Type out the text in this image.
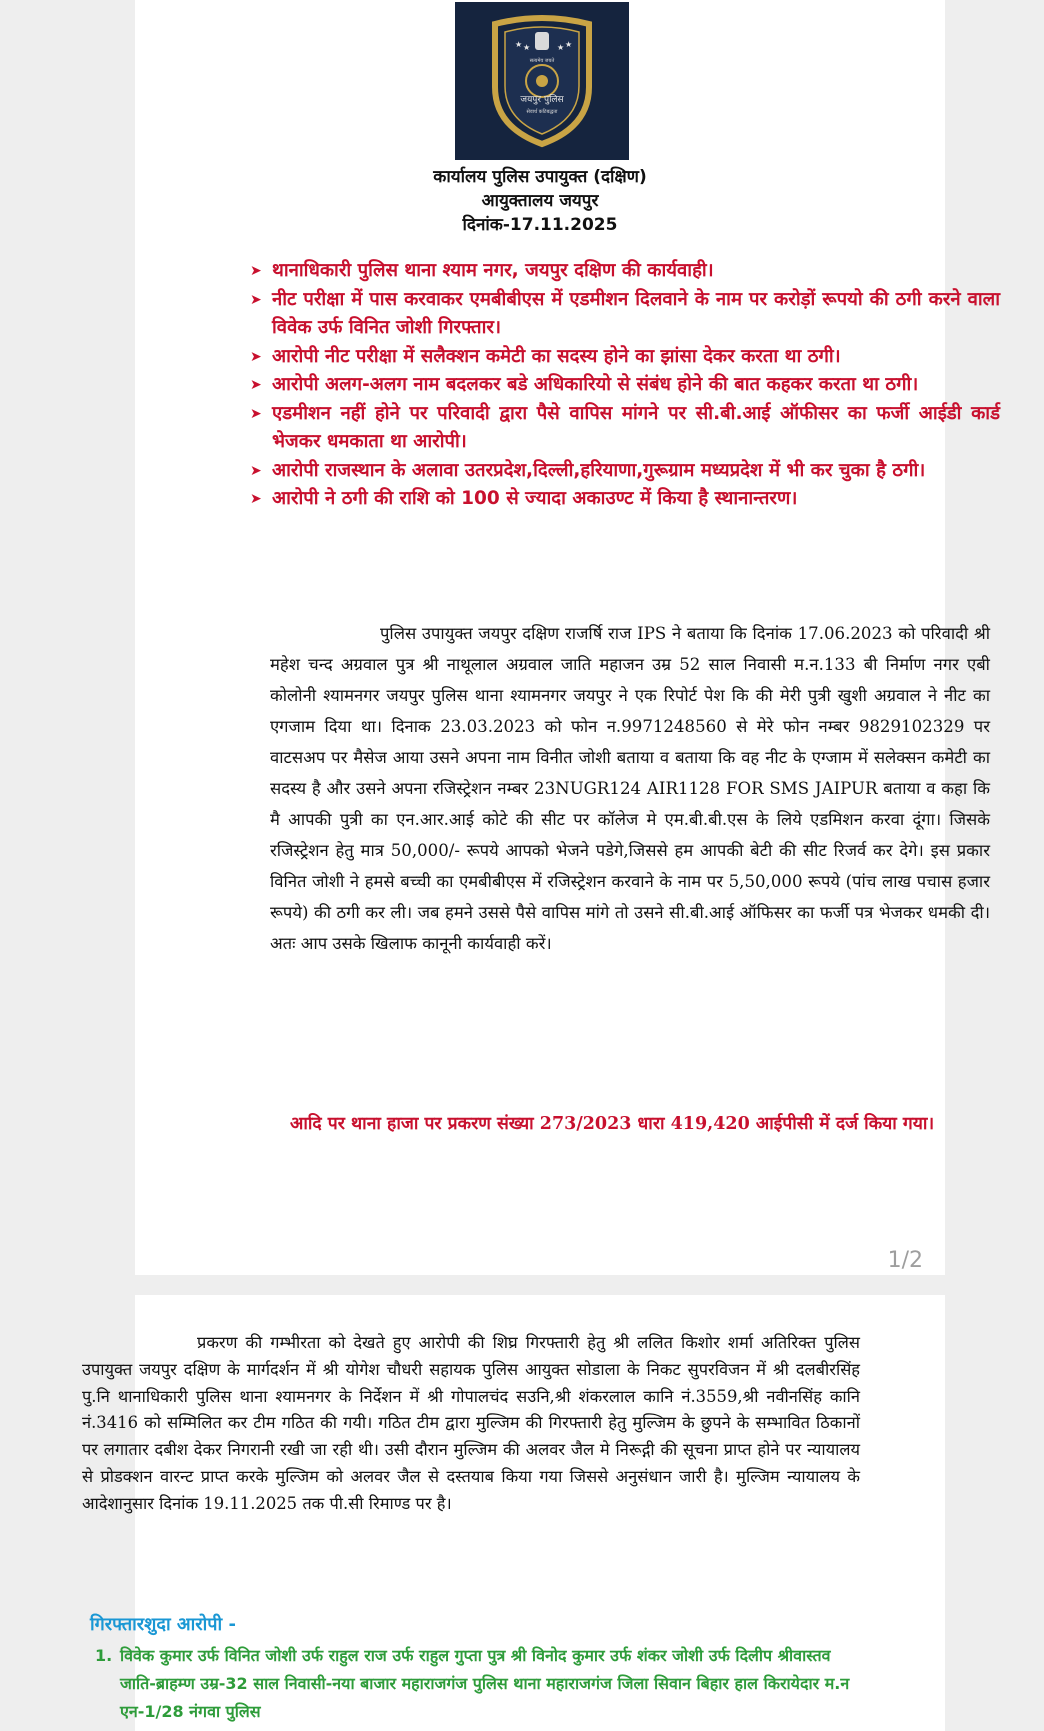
★ ★	★ ★
सत्यमेव जयते
जयपुर पुलिस
सेवार्थ कटिबद्धता
कार्यालय पुलिस उपायुक्त (दक्षिण)
आयुक्तालय जयपुर
दिनांक-17.11.2025
➤ थानाधिकारी पुलिस थाना श्याम नगर, जयपुर दक्षिण की कार्यवाही।
➤ नीट परीक्षा में पास करवाकर एमबीबीएस में एडमीशन दिलवाने के नाम पर करोड़ों रूपयो की ठगी करने वाला विवेक उर्फ विनित जोशी गिरफ्तार।
➤ आरोपी नीट परीक्षा में सलैक्शन कमेटी का सदस्य होने का झांसा देकर करता था ठगी।
➤ आरोपी अलग-अलग नाम बदलकर बडे अधिकारियो से संबंध होने की बात कहकर करता था ठगी।
➤ एडमीशन नहीं होने पर परिवादी द्वारा पैसे वापिस मांगने पर सी.बी.आई ऑफीसर का फर्जी आईडी कार्ड भेजकर धमकाता था आरोपी।
➤ आरोपी राजस्थान के अलावा उतरप्रदेश,दिल्ली,हरियाणा,गुरूग्राम मध्यप्रदेश में भी कर चुका है ठगी।
➤ आरोपी ने ठगी की राशि को 100 से ज्यादा अकाउण्ट में किया है स्थानान्तरण।
पुलिस उपायुक्त जयपुर दक्षिण राजर्षि राज IPS ने बताया कि दिनांक 17.06.2023 को परिवादी श्री महेश चन्द अग्रवाल पुत्र श्री नाथूलाल अग्रवाल जाति महाजन उम्र 52 साल निवासी म.न.133 बी निर्माण नगर एबी कोलोनी श्यामनगर जयपुर पुलिस थाना श्यामनगर जयपुर ने एक रिपोर्ट पेश कि की मेरी पुत्री खुशी अग्रवाल ने नीट का एगजाम दिया था। दिनाक 23.03.2023 को फोन न.9971248560 से मेरे फोन नम्बर 9829102329 पर वाटसअप पर मैसेज आया उसने अपना नाम विनीत जोशी बताया व बताया कि वह नीट के एग्जाम में सलेक्सन कमेटी का सदस्य है और उसने अपना रजिस्ट्रेशन नम्बर 23NUGR124 AIR1128 FOR SMS JAIPUR बताया व कहा कि मै आपकी पुत्री का एन.आर.आई कोटे की सीट पर कॉलेज मे एम.बी.बी.एस के लिये एडमिशन करवा दूंगा। जिसके रजिस्ट्रेशन हेतु मात्र 50,000/- रूपये आपको भेजने पडेगे,जिससे हम आपकी बेटी की सीट रिजर्व कर देगे। इस प्रकार विनित जोशी ने हमसे बच्ची का एमबीबीएस में रजिस्ट्रेशन करवाने के नाम पर 5,50,000 रूपये (पांच लाख पचास हजार रूपये) की ठगी कर ली। जब हमने उससे पैसे वापिस मांगे तो उसने सी.बी.आई ऑफिसर का फर्जी पत्र भेजकर धमकी दी। अतः आप उसके खिलाफ कानूनी कार्यवाही करें।
आदि पर थाना हाजा पर प्रकरण संख्या 273/2023 धारा 419,420 आईपीसी में दर्ज किया गया।
1/2
प्रकरण की गम्भीरता को देखते हुए आरोपी की शिघ्र गिरफ्तारी हेतु श्री ललित किशोर शर्मा अतिरिक्त पुलिस उपायुक्त जयपुर दक्षिण के मार्गदर्शन में श्री योगेश चौधरी सहायक पुलिस आयुक्त सोडाला के निकट सुपरविजन में श्री दलबीरसिंह पु.नि थानाधिकारी पुलिस थाना श्यामनगर के निर्देशन में श्री गोपालचंद सउनि,श्री शंकरलाल कानि नं.3559,श्री नवीनसिंह कानि नं.3416 को सम्मिलित कर टीम गठित की गयी। गठित टीम द्वारा मुल्जिम की गिरफ्तारी हेतु मुल्जिम के छुपने के सम्भावित ठिकानों पर लगातार दबीश देकर निगरानी रखी जा रही थी। उसी दौरान मुल्जिम की अलवर जैल मे निरूद्गी की सूचना प्राप्त होने पर न्यायालय से प्रोडक्शन वारन्ट प्राप्त करके मुल्जिम को अलवर जैल से दस्तयाब किया गया जिससे अनुसंधान जारी है। मुल्जिम न्यायालय के आदेशानुसार दिनांक 19.11.2025 तक पी.सी रिमाण्ड पर है।
गिरफ्तारशुदा आरोपी -
1. विवेक कुमार उर्फ विनित जोशी उर्फ राहुल राज उर्फ राहुल गुप्ता पुत्र श्री विनोद कुमार उर्फ शंकर जोशी उर्फ दिलीप श्रीवास्तव जाति-ब्राहम्ण उम्र-32 साल निवासी-नया बाजार महाराजगंज पुलिस थाना महाराजगंज जिला सिवान बिहार हाल किरायेदार म.न एन-1/28 नंगवा पुलिस
